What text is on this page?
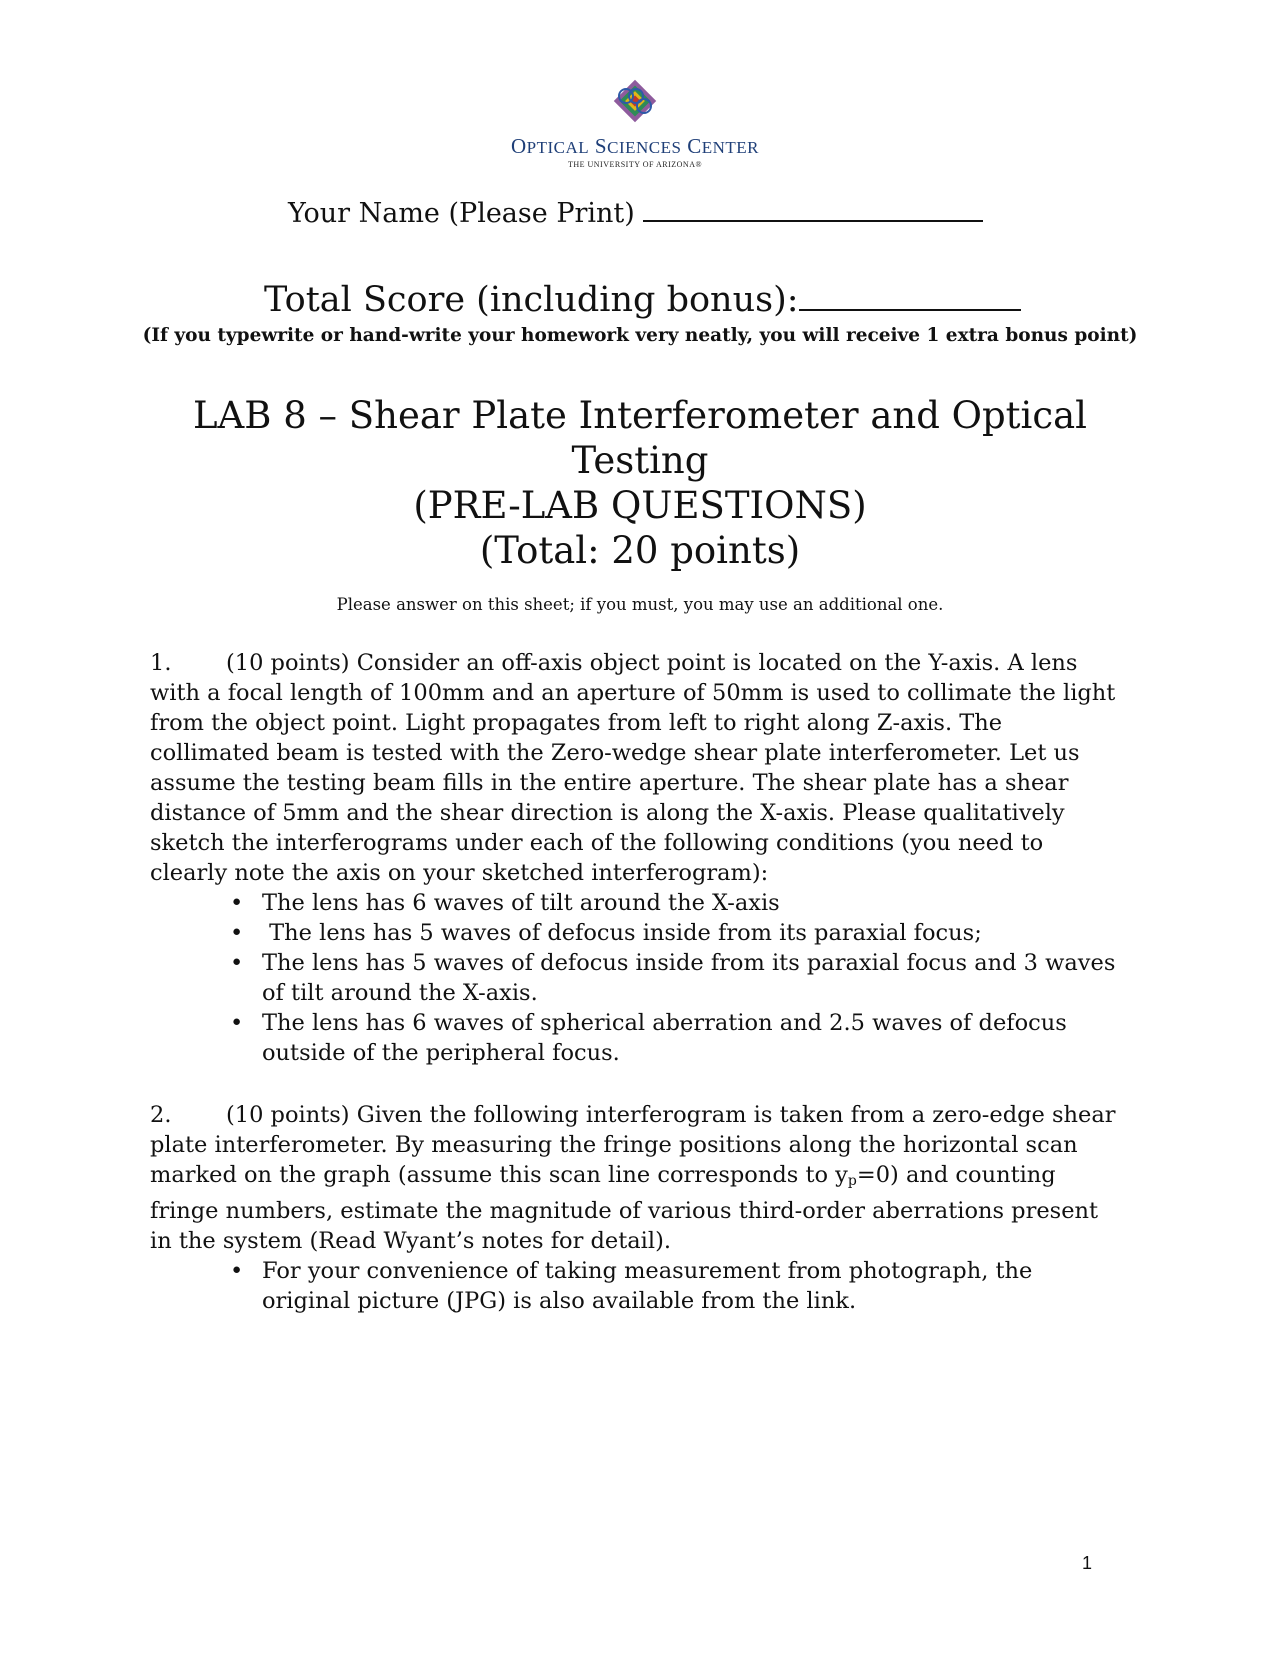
OPTICAL SCIENCES CENTER
THE UNIVERSITY OF ARIZONA®
Your Name (Please Print)
Total Score (including bonus):
(If you typewrite or hand-write your homework very neatly, you will receive 1 extra bonus point)
LAB 8 – Shear Plate Interferometer and Optical
Testing
(PRE-LAB QUESTIONS)
(Total: 20 points)
Please answer on this sheet; if you must, you may use an additional one.
1. (10 points) Consider an off-axis object point is located on the Y-axis. A lens
with a focal length of 100mm and an aperture of 50mm is used to collimate the light
from the object point. Light propagates from left to right along Z-axis. The
collimated beam is tested with the Zero-wedge shear plate interferometer. Let us
assume the testing beam fills in the entire aperture. The shear plate has a shear
distance of 5mm and the shear direction is along the X-axis. Please qualitatively
sketch the interferograms under each of the following conditions (you need to
clearly note the axis on your sketched interferogram):
• The lens has 6 waves of tilt around the X-axis
• The lens has 5 waves of defocus inside from its paraxial focus;
• The lens has 5 waves of defocus inside from its paraxial focus and 3 waves
of tilt around the X-axis.
• The lens has 6 waves of spherical aberration and 2.5 waves of defocus
outside of the peripheral focus.
2. (10 points) Given the following interferogram is taken from a zero-edge shear
plate interferometer. By measuring the fringe positions along the horizontal scan
marked on the graph (assume this scan line corresponds to $y_p=0$) and counting
fringe numbers, estimate the magnitude of various third-order aberrations present
in the system (Read Wyant’s notes for detail).
• For your convenience of taking measurement from photograph, the
original picture (JPG) is also available from the link.
1
